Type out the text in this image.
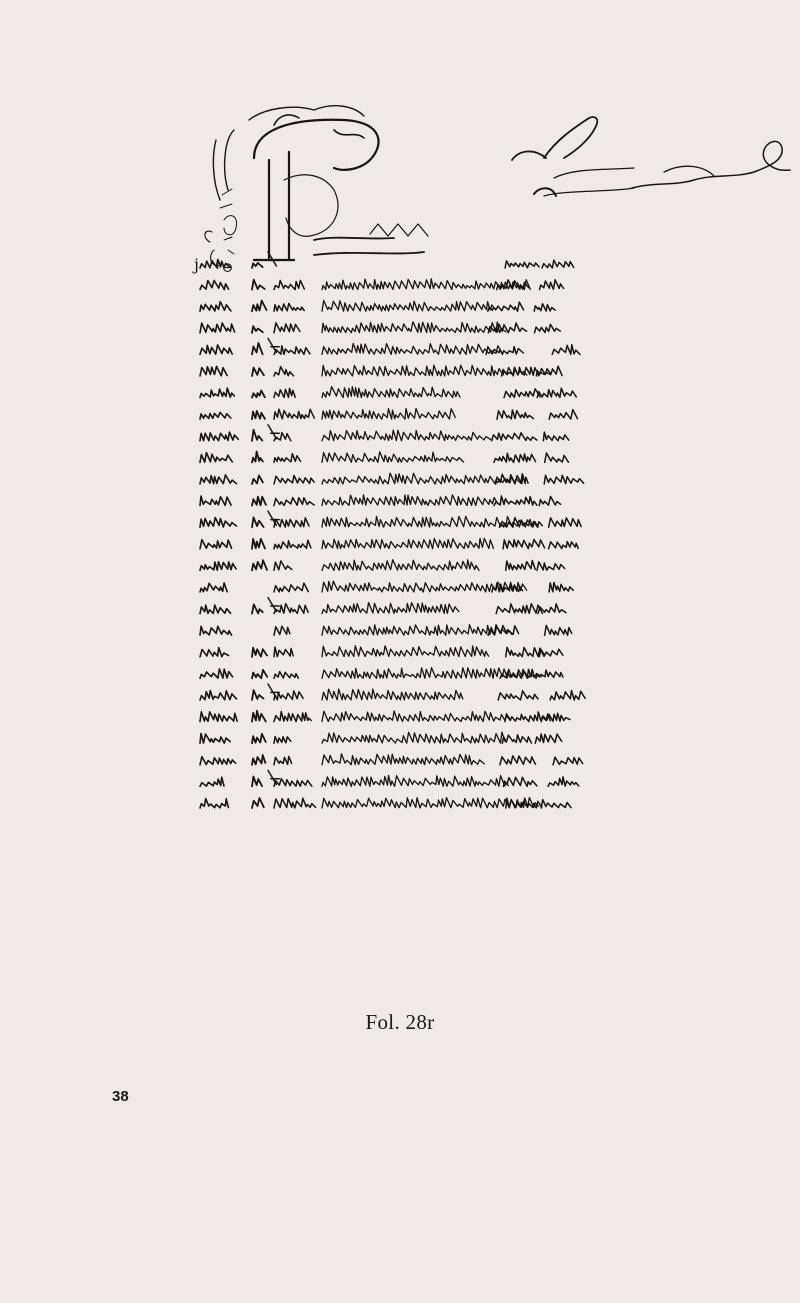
j ᵖ⊖
Fol. 28r
38
